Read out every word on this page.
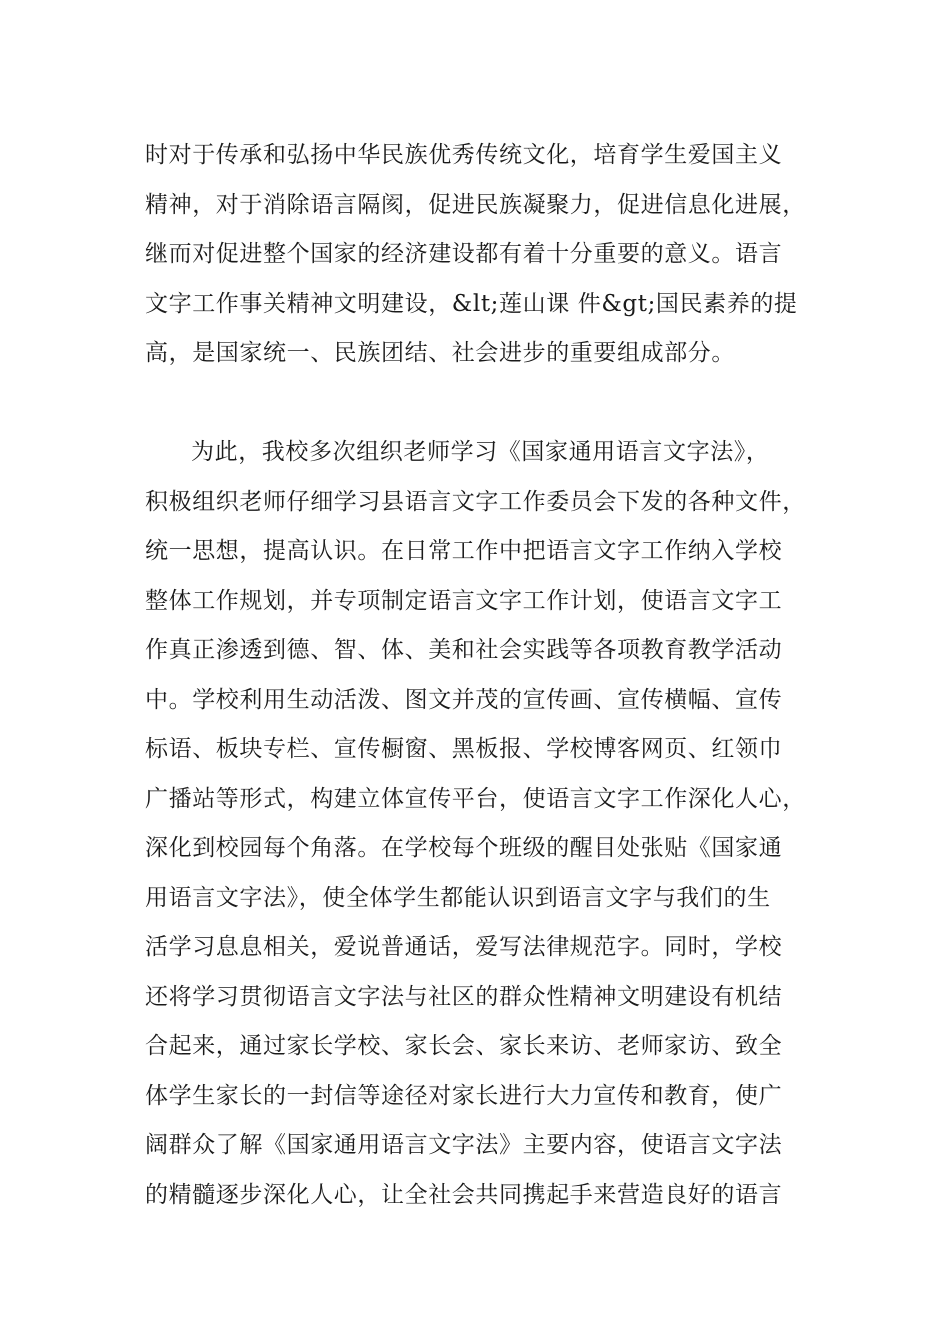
时对于传承和弘扬中华民族优秀传统文化，培育学生爱国主义
精神，对于消除语言隔阂，促进民族凝聚力，促进信息化进展，
继而对促进整个国家的经济建设都有着十分重要的意义。语言
文字工作事关精神文明建设，&lt;莲山课 件&gt;国民素养的提
高，是国家统一、民族团结、社会进步的重要组成部分。
为此，我校多次组织老师学习《国家通用语言文字法》，
积极组织老师仔细学习县语言文字工作委员会下发的各种文件，
统一思想，提高认识。在日常工作中把语言文字工作纳入学校
整体工作规划，并专项制定语言文字工作计划，使语言文字工
作真正渗透到德、智、体、美和社会实践等各项教育教学活动
中。学校利用生动活泼、图文并茂的宣传画、宣传横幅、宣传
标语、板块专栏、宣传橱窗、黑板报、学校博客网页、红领巾
广播站等形式，构建立体宣传平台，使语言文字工作深化人心，
深化到校园每个角落。在学校每个班级的醒目处张贴《国家通
用语言文字法》，使全体学生都能认识到语言文字与我们的生
活学习息息相关，爱说普通话，爱写法律规范字。同时，学校
还将学习贯彻语言文字法与社区的群众性精神文明建设有机结
合起来，通过家长学校、家长会、家长来访、老师家访、致全
体学生家长的一封信等途径对家长进行大力宣传和教育，使广
阔群众了解《国家通用语言文字法》主要内容，使语言文字法
的精髓逐步深化人心，让全社会共同携起手来营造良好的语言
